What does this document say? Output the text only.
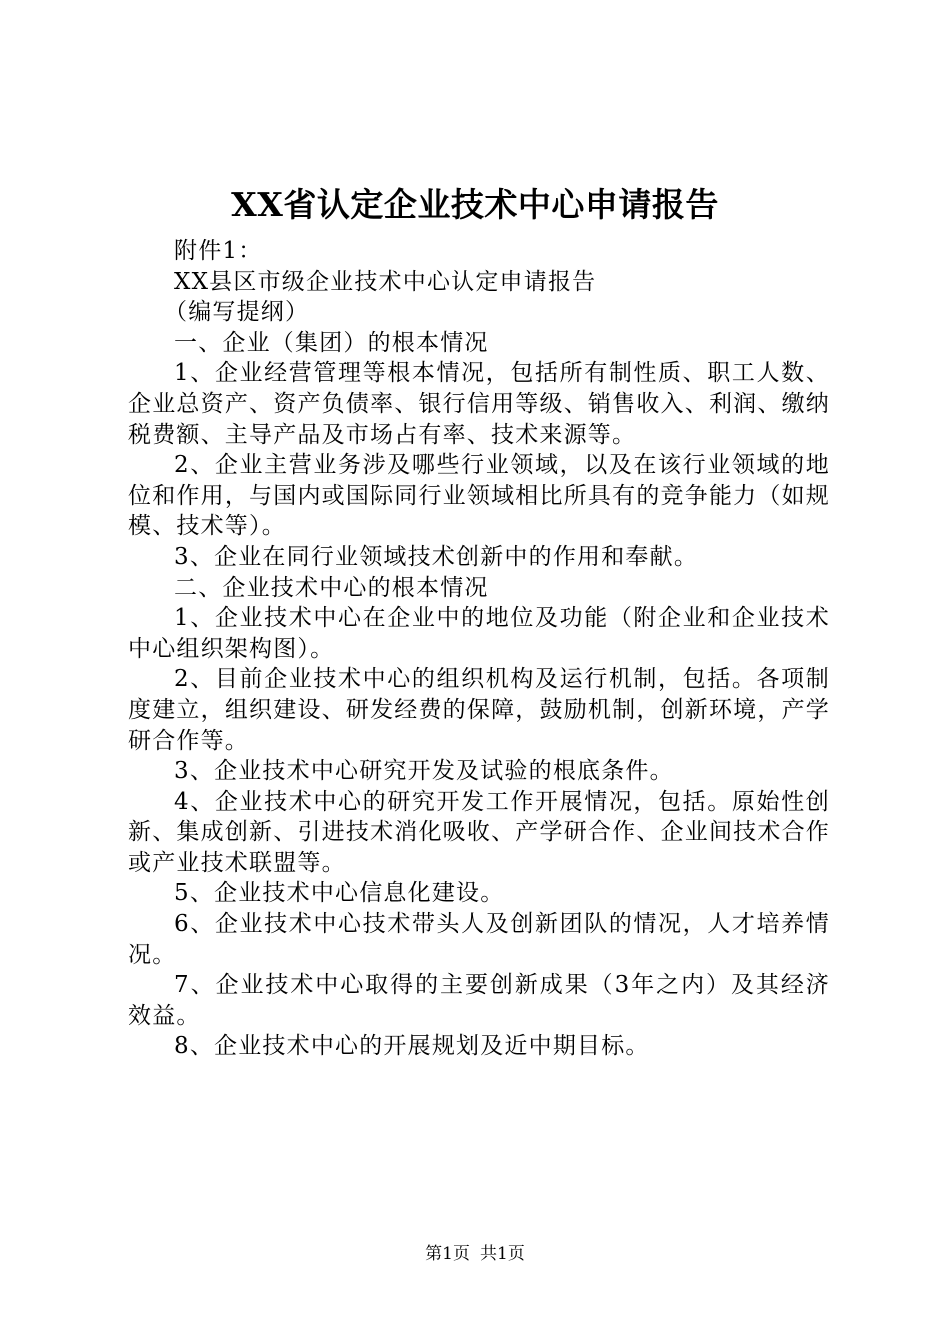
XX省认定企业技术中心申请报告

附件1：

XX县区市级企业技术中心认定申请报告

（编写提纲）

一、企业（集团）的根本情况

1、企业经营管理等根本情况，包括所有制性质、职工人数、企业总资产、资产负债率、银行信用等级、销售收入、利润、缴纳税费额、主导产品及市场占有率、技术来源等。

2、企业主营业务涉及哪些行业领域，以及在该行业领域的地位和作用，与国内或国际同行业领域相比所具有的竞争能力（如规模、技术等）。

3、企业在同行业领域技术创新中的作用和奉献。

二、企业技术中心的根本情况

1、企业技术中心在企业中的地位及功能（附企业和企业技术中心组织架构图）。

2、目前企业技术中心的组织机构及运行机制，包括。各项制度建立，组织建设、研发经费的保障，鼓励机制，创新环境，产学研合作等。

3、企业技术中心研究开发及试验的根底条件。

4、企业技术中心的研究开发工作开展情况，包括。原始性创新、集成创新、引进技术消化吸收、产学研合作、企业间技术合作或产业技术联盟等。

5、企业技术中心信息化建设。

6、企业技术中心技术带头人及创新团队的情况，人才培养情况。

7、企业技术中心取得的主要创新成果（3年之内）及其经济效益。

8、企业技术中心的开展规划及近中期目标。

第1页 共1页
